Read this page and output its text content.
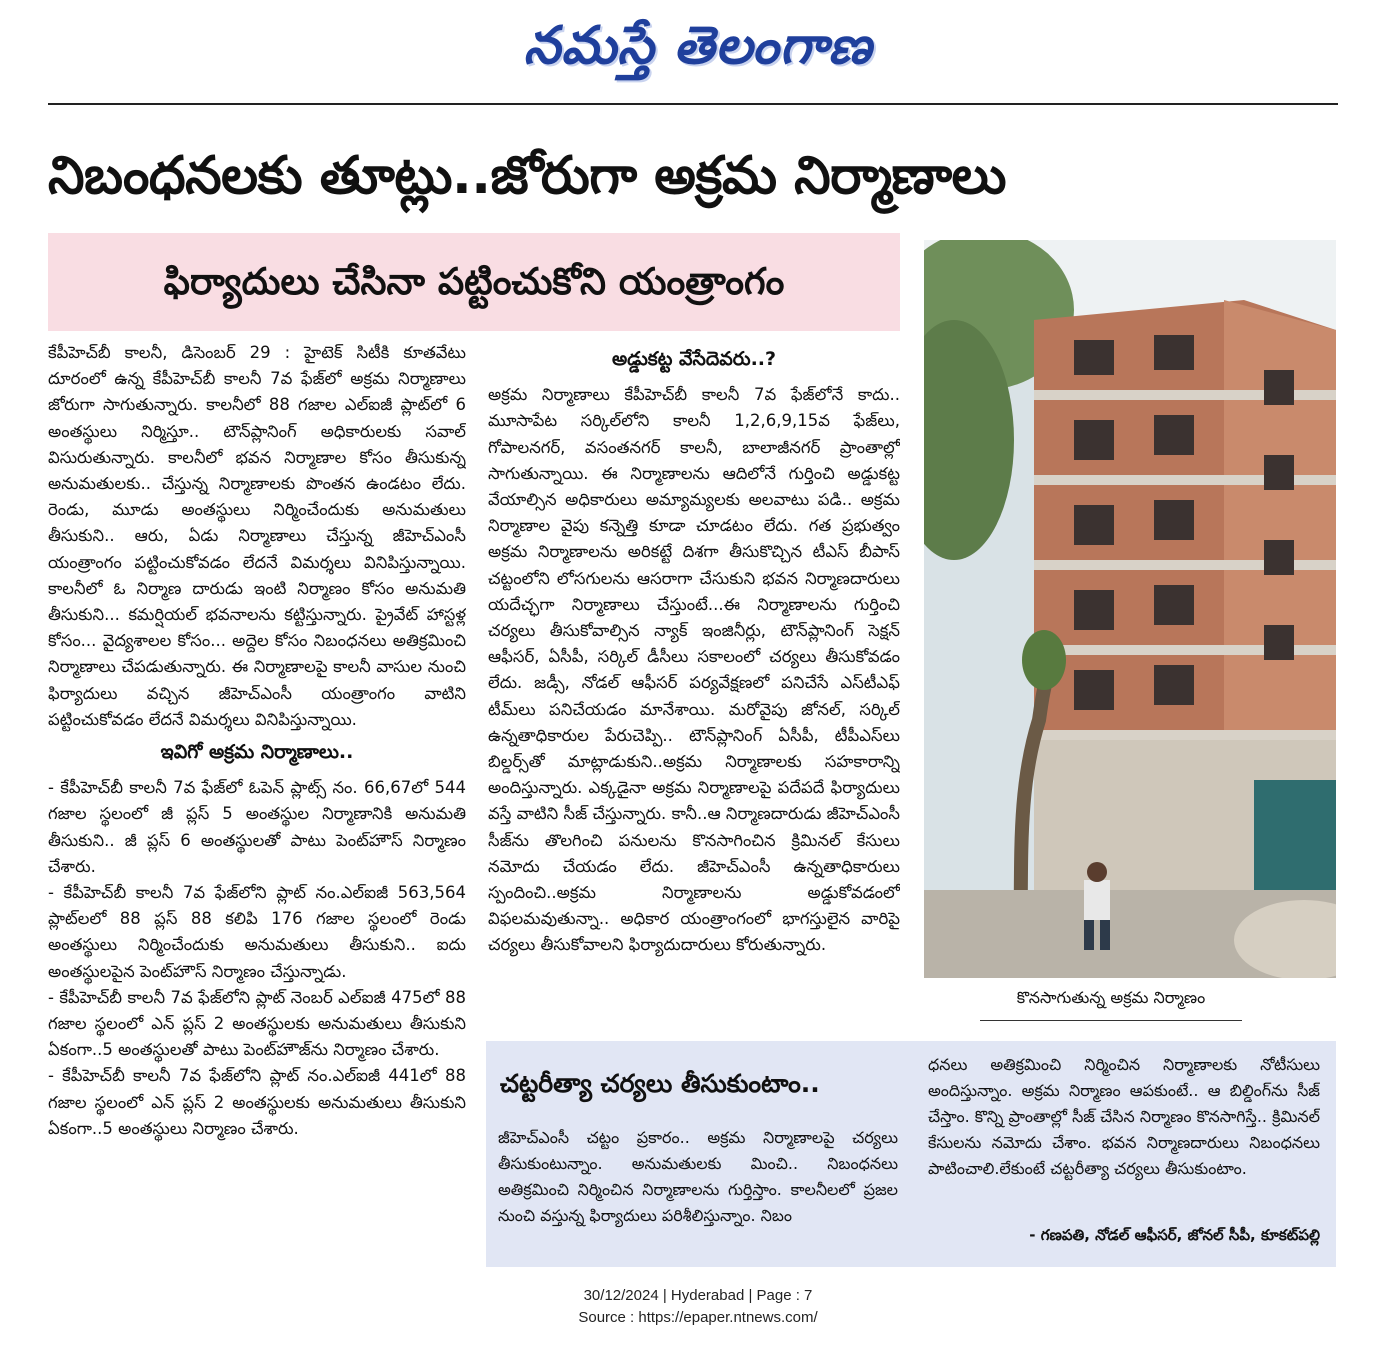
నమస్తే తెలంగాణ
నిబంధనలకు తూట్లు..జోరుగా అక్రమ నిర్మాణాలు
ఫిర్యాదులు చేసినా పట్టించుకోని యంత్రాంగం

కేపీహెచ్‌బీ కాలనీ, డిసెంబర్ 29 : హైటెక్ సిటీకి కూతవేటు దూరంలో ఉన్న కేపీహెచ్‌బీ కాలనీ 7వ ఫేజ్‌లో అక్రమ నిర్మాణాలు జోరుగా సాగుతున్నారు. కాలనీలో 88 గజాల ఎల్‌ఐజీ ప్లాట్‌లో 6 అంతస్థులు నిర్మిస్తూ.. టౌన్‌ప్లానింగ్ అధికారులకు సవాల్ విసురుతున్నారు. కాలనీలో భవన నిర్మాణాల కోసం తీసుకున్న అనుమతులకు.. చేస్తున్న నిర్మాణాలకు పొంతన ఉండటం లేదు. రెండు, మూడు అంతస్థులు నిర్మించేందుకు అనుమతులు తీసుకుని.. ఆరు, ఏడు నిర్మాణాలు చేస్తున్న జీహెచ్‌ఎంసీ యంత్రాంగం పట్టించుకోవడం లేదనే విమర్శలు వినిపిస్తున్నాయి. కాలనీలో ఓ నిర్మాణ దారుడు ఇంటి నిర్మాణం కోసం అనుమతి తీసుకుని... కమర్షియల్ భవనాలను కట్టిస్తున్నారు. ప్రైవేట్ హాస్టళ్ల కోసం... వైద్యశాలల కోసం... అద్దెల కోసం నిబంధనలు అతిక్రమించి నిర్మాణాలు చేపడుతున్నారు. ఈ నిర్మాణాలపై కాలనీ వాసుల నుంచి ఫిర్యాదులు వచ్చిన జీహెచ్‌ఎంసీ యంత్రాంగం వాటిని పట్టించుకోవడం లేదనే విమర్శలు వినిపిస్తున్నాయి.

ఇవిగో అక్రమ నిర్మాణాలు..

- కేపీహెచ్‌బీ కాలనీ 7వ ఫేజ్‌లో ఓపెన్ ప్లాట్స్ నం. 66,67లో 544 గజాల స్థలంలో జీ ప్లస్ 5 అంతస్థుల నిర్మాణానికి అనుమతి తీసుకుని.. జీ ప్లస్ 6 అంతస్థులతో పాటు పెంట్‌హౌస్ నిర్మాణం చేశారు.

- కేపీహెచ్‌బీ కాలనీ 7వ ఫేజ్‌లోని ప్లాట్ నం.ఎల్‌ఐజీ 563,564 ప్లాట్‌లలో 88 ప్లస్ 88 కలిపి 176 గజాల స్థలంలో రెండు అంతస్థులు నిర్మించేందుకు అనుమతులు తీసుకుని.. ఐదు అంతస్థులపైన పెంట్‌హౌస్ నిర్మాణం చేస్తున్నాడు.

- కేపీహెచ్‌బీ కాలనీ 7వ ఫేజ్‌లోని ప్లాట్ నెంబర్ ఎల్‌ఐజీ 475లో 88 గజాల స్థలంలో ఎన్ ప్లస్ 2 అంతస్థులకు అనుమతులు తీసుకుని ఏకంగా..5 అంతస్థులతో పాటు పెంట్‌హౌజ్‌ను నిర్మాణం చేశారు.

- కేపీహెచ్‌బీ కాలనీ 7వ ఫేజ్‌లోని ప్లాట్ నం.ఎల్‌ఐజీ 441లో 88 గజాల స్థలంలో ఎన్ ప్లస్ 2 అంతస్థులకు అనుమతులు తీసుకుని ఏకంగా..5 అంతస్థులు నిర్మాణం చేశారు.

అడ్డుకట్ట వేసేదెవరు..?

అక్రమ నిర్మాణాలు కేపీహెచ్‌బీ కాలనీ 7వ ఫేజ్‌లోనే కాదు.. మూసాపేట సర్కిల్‌లోని కాలనీ 1,2,6,9,15వ ఫేజ్‌లు, గోపాలనగర్, వసంతనగర్ కాలనీ, బాలాజీనగర్ ప్రాంతాల్లో సాగుతున్నాయి. ఈ నిర్మాణాలను ఆదిలోనే గుర్తించి అడ్డుకట్ట వేయాల్సిన అధికారులు అమ్యామ్యలకు అలవాటు పడి.. అక్రమ నిర్మాణాల వైపు కన్నెత్తి కూడా చూడటం లేదు. గత ప్రభుత్వం అక్రమ నిర్మాణాలను అరికట్టే దిశగా తీసుకొచ్చిన టీఎస్ బీపాస్ చట్టంలోని లోసగులను ఆసరాగా చేసుకుని భవన నిర్మాణదారులు యదేచ్ఛగా నిర్మాణాలు చేస్తుంటే...ఈ నిర్మాణాలను గుర్తించి చర్యలు తీసుకోవాల్సిన న్యాక్ ఇంజినీర్లు, టౌన్‌ప్లానింగ్ సెక్షన్ ఆఫీసర్, ఏసీపీ, సర్కిల్ డీసీలు సకాలంలో చర్యలు తీసుకోవడం లేదు. జడ్సీ, నోడల్ ఆఫీసర్ పర్యవేక్షణలో పనిచేసే ఎస్‌టీఎఫ్ టీమ్‌లు పనిచేయడం మానేశాయి. మరోవైపు జోనల్, సర్కిల్ ఉన్నతాధికారుల పేరుచెప్పి.. టౌన్‌ప్లానింగ్ ఏసీపీ, టీపీఎస్‌లు బిల్డర్స్‌తో మాట్లాడుకుని..అక్రమ నిర్మాణాలకు సహకారాన్ని అందిస్తున్నారు. ఎక్కడైనా అక్రమ నిర్మాణాలపై పదేపదే ఫిర్యాదులు వస్తే వాటిని సీజ్ చేస్తున్నారు. కానీ..ఆ నిర్మాణదారుడు జీహెచ్‌ఎంసీ సీజ్‌ను తొలగించి పనులను కొనసాగించిన క్రిమినల్ కేసులు నమోదు చేయడం లేదు. జీహెచ్‌ఎంసీ ఉన్నతాధికారులు స్పందించి..అక్రమ నిర్మాణాలను అడ్డుకోవడంలో విఫలమవుతున్నా.. అధికార యంత్రాంగంలో భాగస్తులైన వారిపై చర్యలు తీసుకోవాలని ఫిర్యాదుదారులు కోరుతున్నారు.

కొనసాగుతున్న అక్రమ నిర్మాణం
చట్టరీత్యా చర్యలు తీసుకుంటాం..

జీహెచ్‌ఎంసీ చట్టం ప్రకారం.. అక్రమ నిర్మాణాలపై చర్యలు తీసుకుంటున్నాం. అనుమతులకు మించి.. నిబంధనలు అతిక్రమించి నిర్మించిన నిర్మాణాలను గుర్తిస్తాం. కాలనీలలో ప్రజల నుంచి వస్తున్న ఫిర్యాదులు పరిశీలిస్తున్నాం. నిబం

ధనలు అతిక్రమించి నిర్మించిన నిర్మాణాలకు నోటీసులు అందిస్తున్నాం. అక్రమ నిర్మాణం ఆపకుంటే.. ఆ బిల్డింగ్‌ను సీజ్ చేస్తాం. కొన్ని ప్రాంతాల్లో సీజ్ చేసిన నిర్మాణం కొనసాగిస్తే.. క్రిమినల్ కేసులను నమోదు చేశాం. భవన నిర్మాణదారులు నిబంధనలు పాటించాలి.లేకుంటే చట్టరీత్యా చర్యలు తీసుకుంటాం.

- గణపతి, నోడల్ ఆఫీసర్, జోనల్ సీపీ, కూకట్‌పల్లి
30/12/2024 | Hyderabad | Page : 7
Source : https://epaper.ntnews.com/
